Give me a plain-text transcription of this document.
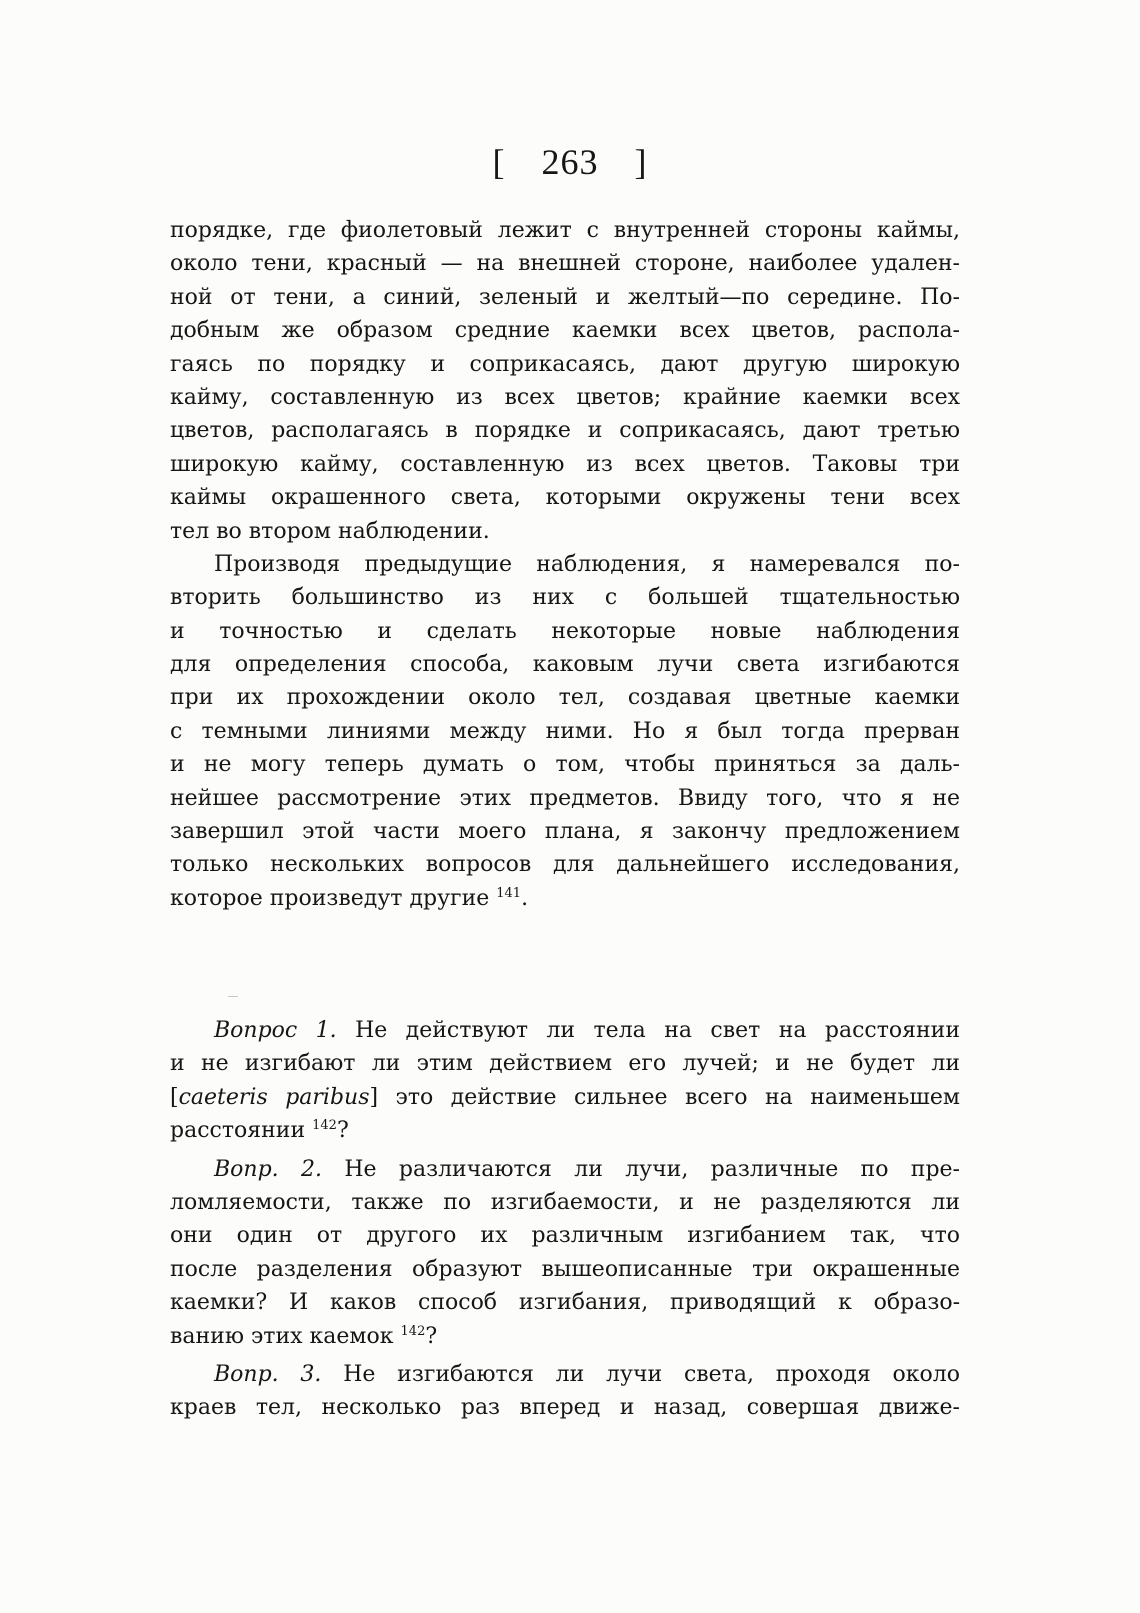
[ 263 ]
порядке, где фиолетовый лежит с внутренней стороны каймы,
около тени, красный — на внешней стороне, наиболее удален-
ной от тени, а синий, зеленый и желтый—по середине. По-
добным же образом средние каемки всех цветов, распола-
гаясь по порядку и соприкасаясь, дают другую широкую
кайму, составленную из всех цветов; крайние каемки всех
цветов, располагаясь в порядке и соприкасаясь, дают третью
широкую кайму, составленную из всех цветов. Таковы три
каймы окрашенного света, которыми окружены тени всех
тел во втором наблюдении.
Производя предыдущие наблюдения, я намеревался по-
вторить большинство из них с большей тщательностью
и точностью и сделать некоторые новые наблюдения
для определения способа, каковым лучи света изгибаются
при их прохождении около тел, создавая цветные каемки
с темными линиями между ними. Но я был тогда прерван
и не могу теперь думать о том, чтобы приняться за даль-
нейшее рассмотрение этих предметов. Ввиду того, что я не
завершил этой части моего плана, я закончу предложением
только нескольких вопросов для дальнейшего исследования,
которое произведут другие $^{141}$.
Вопрос 1. Не действуют ли тела на свет на расстоянии
и не изгибают ли этим действием его лучей; и не будет ли
[caeteris paribus] это действие сильнее всего на наименьшем
расстоянии $^{142}$?
Вопр. 2. Не различаются ли лучи, различные по пре-
ломляемости, также по изгибаемости, и не разделяются ли
они один от другого их различным изгибанием так, что
после разделения образуют вышеописанные три окрашенные
каемки? И каков способ изгибания, приводящий к образо-
ванию этих каемок $^{142}$?
Вопр. 3. Не изгибаются ли лучи света, проходя около
краев тел, несколько раз вперед и назад, совершая движе-
